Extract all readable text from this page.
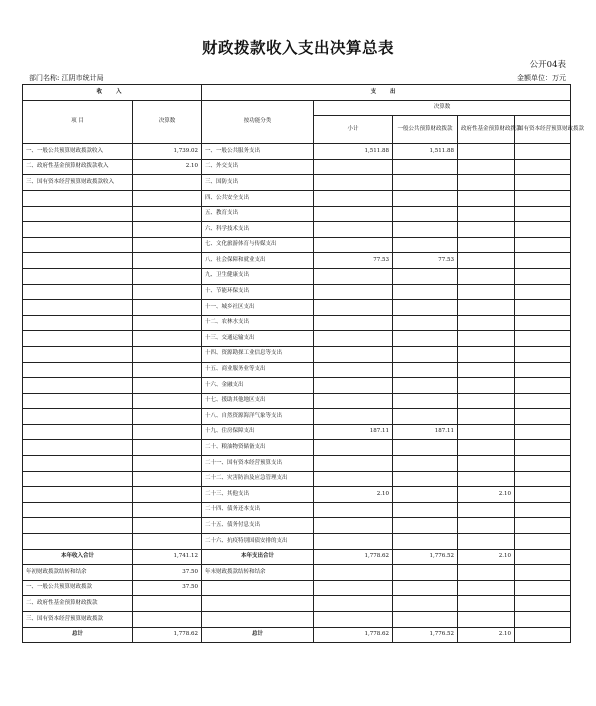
财政拨款收入支出决算总表
公开04表
部门名称: 江阴市统计局	金额单位：万元
收 入		支 出				
项 目	决算数	按功能分类	决算数			
			小计	一般公共预算财政拨款	政府性基金预算财政拨款	国有资本经营预算财政拨款
一、一般公共预算财政拨款收入	1,739.02	一、一般公共服务支出	1,511.88	1,511.88		
二、政府性基金预算财政拨款收入	2.10	二、外交支出				
三、国有资本经营预算财政拨款收入		三、国防支出				
		四、公共安全支出				
		五、教育支出				
		六、科学技术支出				
		七、文化旅游体育与传媒支出				
		八、社会保障和就业支出	77.53	77.53		
		九、卫生健康支出				
		十、节能环保支出				
		十一、城乡社区支出				
		十二、农林水支出				
		十三、交通运输支出				
		十四、资源勘探工业信息等支出				
		十五、商业服务业等支出				
		十六、金融支出				
		十七、援助其他地区支出				
		十八、自然资源海洋气象等支出				
		十九、住房保障支出	187.11	187.11		
		二十、粮油物资储备支出				
		二十一、国有资本经营预算支出				
		二十二、灾害防治及应急管理支出				
		二十三、其他支出	2.10		2.10	
		二十四、债务还本支出				
		二十五、债务付息支出				
		二十六、抗疫特别国债安排的支出				
本年收入合计	1,741.12	本年支出合计	1,778.62	1,776.52	2.10	
年初财政拨款结转和结余	37.50	年末财政拨款结转和结余				
一、一般公共预算财政拨款	37.50					
二、政府性基金预算财政拨款						
三、国有资本经营预算财政拨款						
总计	1,778.62	总计	1,778.62	1,776.52	2.10	
